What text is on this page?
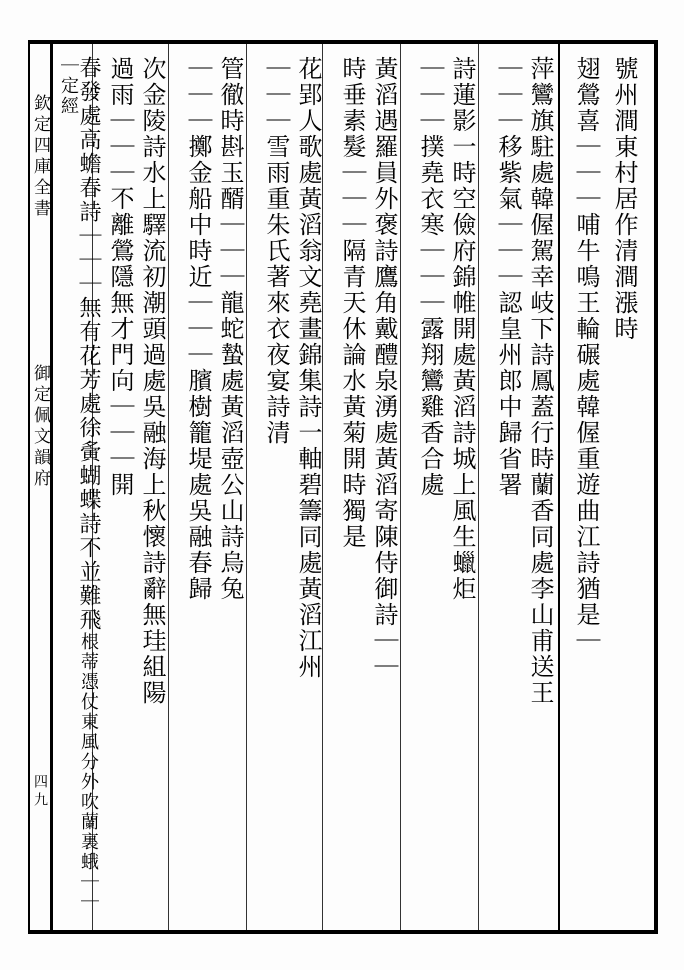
欽定四庫全書
御定佩文韻府
四九
號州澗東村居作清澗漲時
翅鶯喜｜｜｜哺牛鳴王輪碾處韓偓重遊曲江詩猶是｜
萍鸞旗駐處韓偓駕幸岐下詩鳳蓋行時蘭香同處李山甫送王
｜｜｜移紫氣｜｜｜認皇州郎中歸省署
詩蓮影一時空儉府錦帷開處黃滔詩城上風生蠟炬
｜｜｜撲堯衣寒｜｜｜露翔鸞雞香合處
黃滔遇羅員外褒詩鷹角戴醴泉湧處黃滔寄陳侍御詩｜｜
時垂素髮｜｜｜隔青天休論水黃菊開時獨是
花郢人歌處黃滔翁文堯畫錦集詩一軸碧籌同處黃滔江州
｜｜｜雪雨重朱氏著來衣夜宴詩清
管徹時斟玉醑｜｜｜龍蛇蟄處黃滔壺公山詩烏兔
｜｜｜擲金船中時近｜｜｜臏樹籠堤處吳融春歸
次金陵詩水上驛流初潮頭過處吳融海上秋懷詩辭無珪組陽
過雨｜｜｜不離鶯隱無才門向｜｜｜開
春發處高蟾春詩｜｜｜無有花芳處徐夤蝴蝶詩不並難飛根蒂憑仗東風分外吹蘭裏蛾｜｜｜定經
